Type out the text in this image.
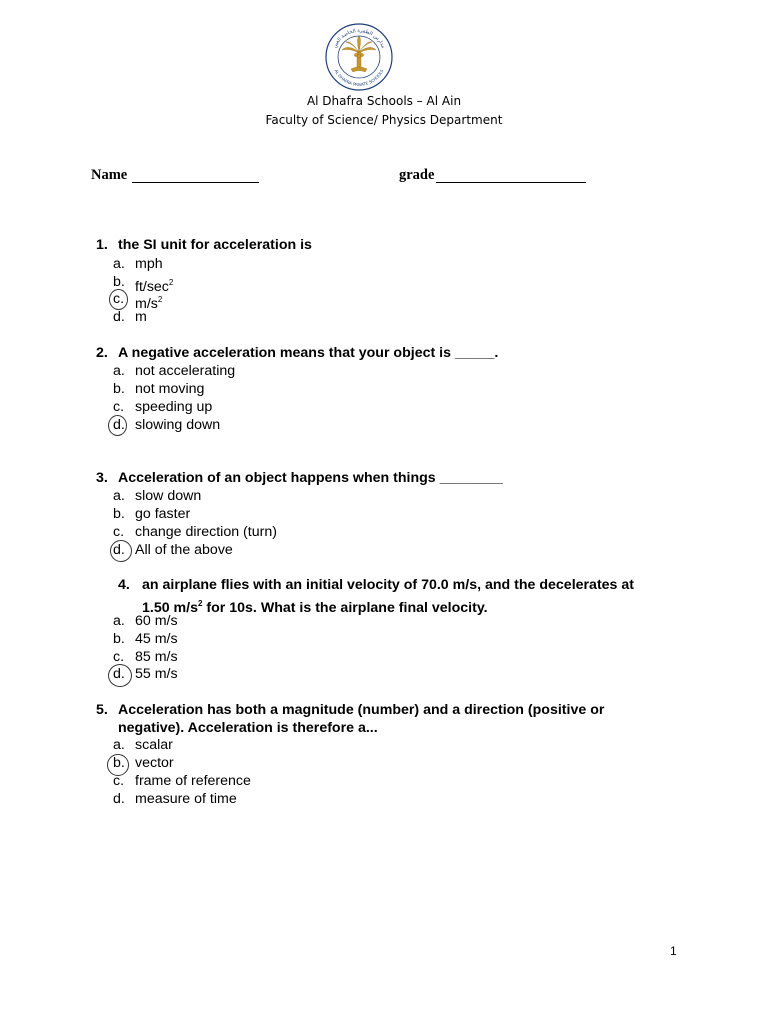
مدارس الظفرة الخاصة العين
AL DHAFRA PRIVATE SCHOOLS
Al Dhafra Schools – Al Ain
Faculty of Science/ Physics Department
Name	grade
1. the SI unit for acceleration is
a. mph
b. $ft/\sec^2$
c. $m/s^2$
d. m
2. A negative acceleration means that your object is _____.
a. not accelerating
b. not moving
c. speeding up
d. slowing down
3. Acceleration of an object happens when things ________
a. slow down
b. go faster
c. change direction (turn)
d. All of the above
4. an airplane flies with an initial velocity of 70.0 m/s, and the decelerates at
1.50 $m/s^2$ for 10s. What is the airplane final velocity.
a. 60 m/s
b. 45 m/s
c. 85 m/s
d. 55 m/s
5. Acceleration has both a magnitude (number) and a direction (positive or
negative). Acceleration is therefore a...
a. scalar
b. vector
c. frame of reference
d. measure of time
1
